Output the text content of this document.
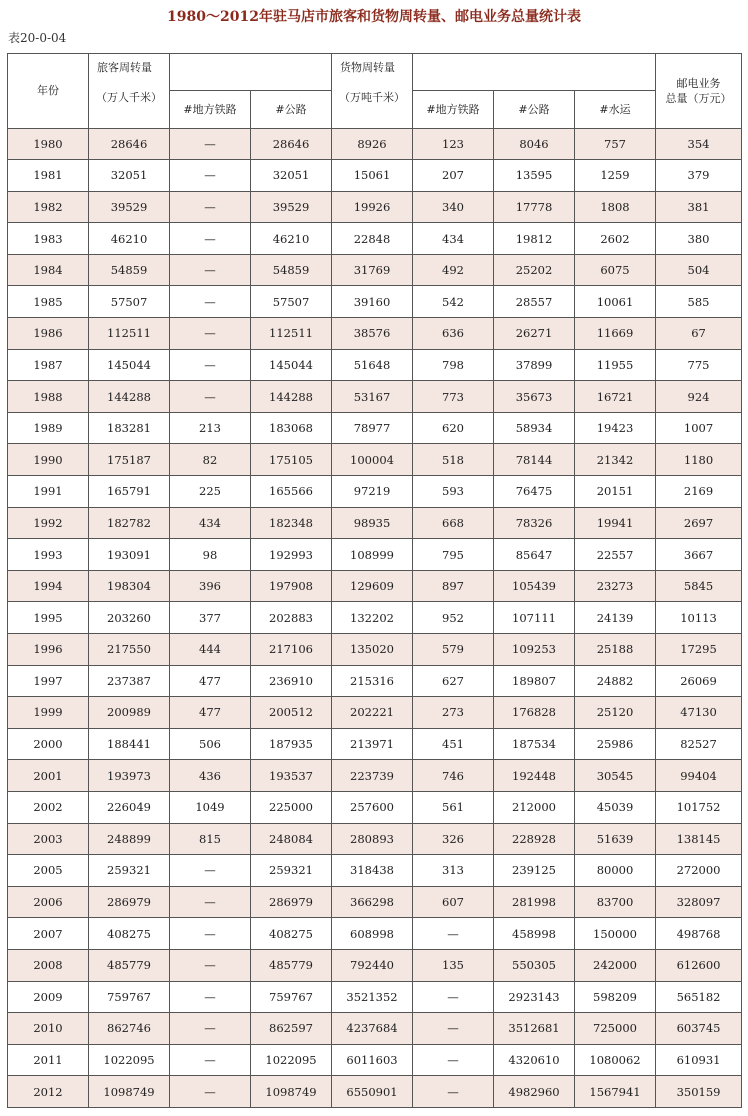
1980～2012年驻马店市旅客和货物周转量、邮电业务总量统计表
表20-0-04
年份	旅客周转量			货物周转量				邮电业务
总量（万元）

	（万人千米）	#地方铁路	#公路	（万吨千米）	#地方铁路	#公路	#水运	
1980	28646	—	28646	8926	123	8046	757	354
1981	32051	—	32051	15061	207	13595	1259	379
1982	39529	—	39529	19926	340	17778	1808	381
1983	46210	—	46210	22848	434	19812	2602	380
1984	54859	—	54859	31769	492	25202	6075	504
1985	57507	—	57507	39160	542	28557	10061	585
1986	112511	—	112511	38576	636	26271	11669	67
1987	145044	—	145044	51648	798	37899	11955	775
1988	144288	—	144288	53167	773	35673	16721	924
1989	183281	213	183068	78977	620	58934	19423	1007
1990	175187	82	175105	100004	518	78144	21342	1180
1991	165791	225	165566	97219	593	76475	20151	2169
1992	182782	434	182348	98935	668	78326	19941	2697
1993	193091	98	192993	108999	795	85647	22557	3667
1994	198304	396	197908	129609	897	105439	23273	5845
1995	203260	377	202883	132202	952	107111	24139	10113
1996	217550	444	217106	135020	579	109253	25188	17295
1997	237387	477	236910	215316	627	189807	24882	26069
1999	200989	477	200512	202221	273	176828	25120	47130
2000	188441	506	187935	213971	451	187534	25986	82527
2001	193973	436	193537	223739	746	192448	30545	99404
2002	226049	1049	225000	257600	561	212000	45039	101752
2003	248899	815	248084	280893	326	228928	51639	138145
2005	259321	—	259321	318438	313	239125	80000	272000
2006	286979	—	286979	366298	607	281998	83700	328097
2007	408275	—	408275	608998	—	458998	150000	498768
2008	485779	—	485779	792440	135	550305	242000	612600
2009	759767	—	759767	3521352	—	2923143	598209	565182
2010	862746	—	862597	4237684	—	3512681	725000	603745
2011	1022095	—	1022095	6011603	—	4320610	1080062	610931
2012	1098749	—	1098749	6550901	—	4982960	1567941	350159
